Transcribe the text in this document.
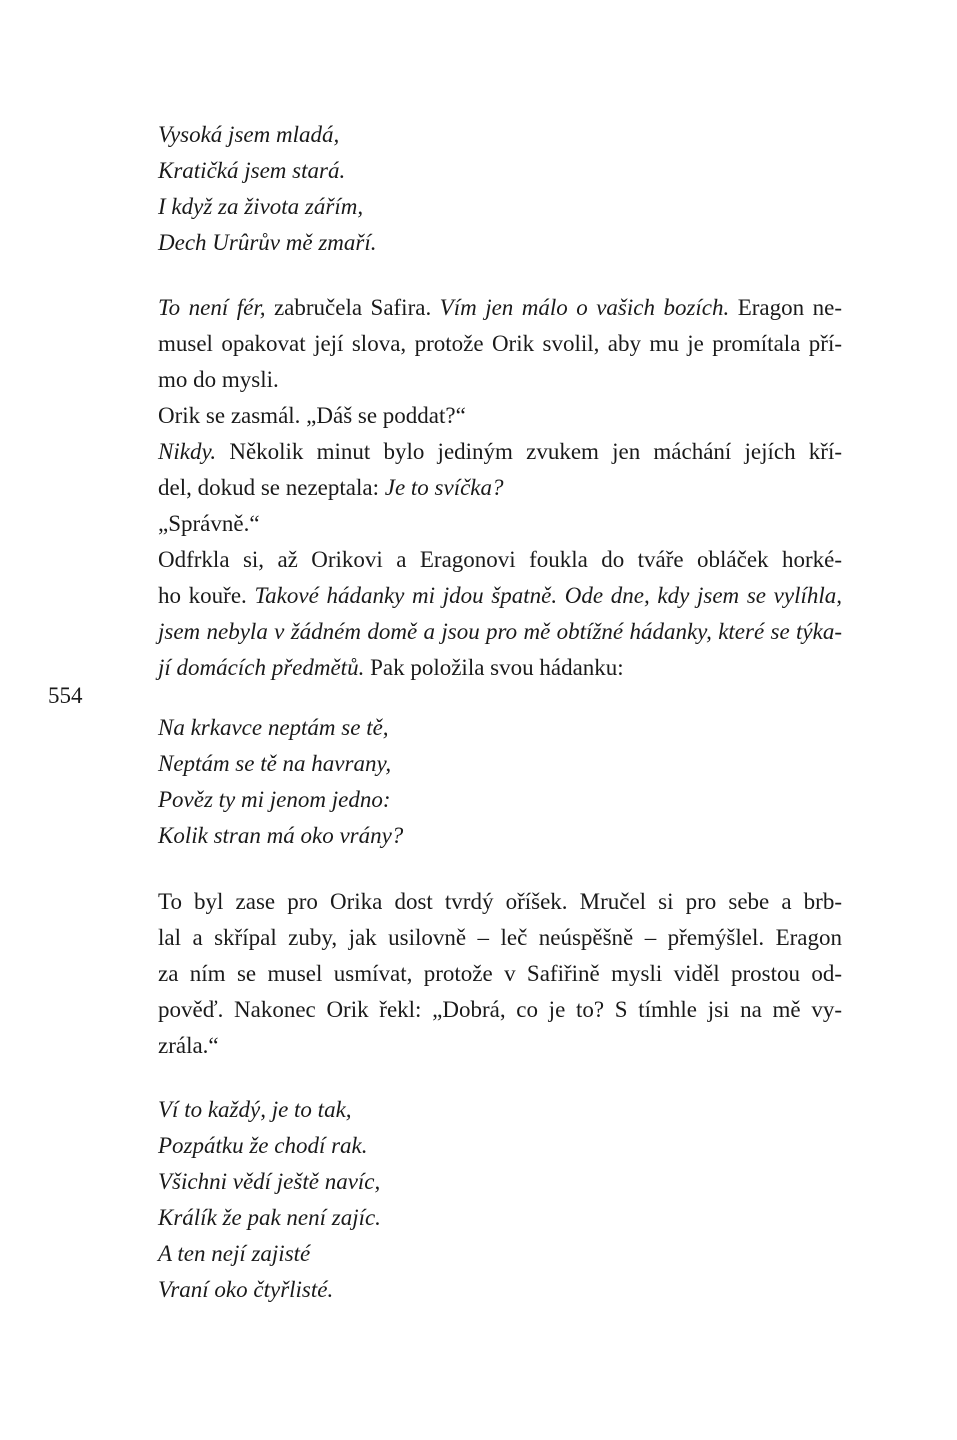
Vysoká jsem mladá,
Kratičká jsem stará.
I když za života zářím,
Dech Urûrův mě zmaří.
To není fér, zabručela Safira. Vím jen málo o vašich bozích. Eragon ne-
musel opakovat její slova, protože Orik svolil, aby mu je promítala pří-
mo do mysli.
Orik se zasmál. „Dáš se poddat?“
Nikdy. Několik minut bylo jediným zvukem jen máchání jejích kří-
del, dokud se nezeptala: Je to svíčka?
„Správně.“
Odfrkla si, až Orikovi a Eragonovi foukla do tváře obláček horké-
ho kouře. Takové hádanky mi jdou špatně. Ode dne, kdy jsem se vylíhla,
jsem nebyla v žádném domě a jsou pro mě obtížné hádanky, které se týka-
jí domácích předmětů. Pak položila svou hádanku:
554
Na krkavce neptám se tě,
Neptám se tě na havrany,
Pověz ty mi jenom jedno:
Kolik stran má oko vrány?
To byl zase pro Orika dost tvrdý oříšek. Mručel si pro sebe a brb-
lal a skřípal zuby, jak usilovně – leč neúspěšně – přemýšlel. Eragon
za ním se musel usmívat, protože v Safiřině mysli viděl prostou od-
pověď. Nakonec Orik řekl: „Dobrá, co je to? S tímhle jsi na mě vy-
zrála.“
Ví to každý, je to tak,
Pozpátku že chodí rak.
Všichni vědí ještě navíc,
Králík že pak není zajíc.
A ten nejí zajisté
Vraní oko čtyřlisté.
